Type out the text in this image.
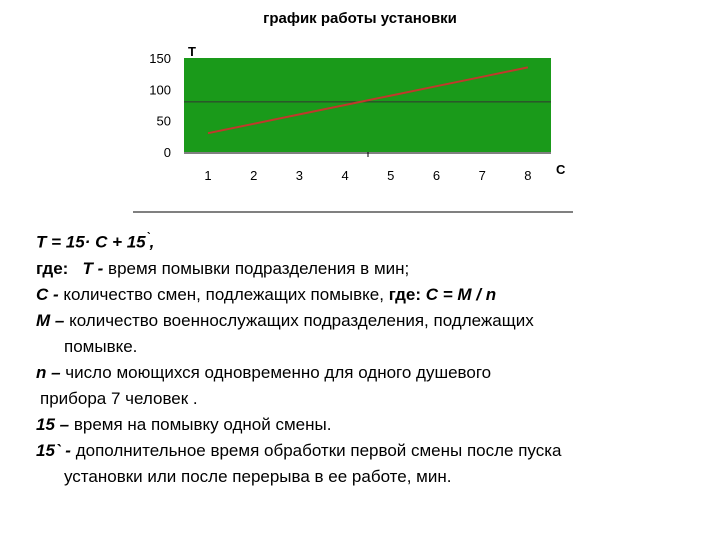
график работы установки
0
50
100
150
1	2	3	4	5	6	7	8
Т
С
Т = 15· С + 15`,
где: Т - время помывки подразделения в мин;
С - количество смен, подлежащих помывке, где: С = М / n
М – количество военнослужащих подразделения, подлежащих
помывке.
n – число моющихся одновременно для одного душевого
прибора 7 человек .
15 – время на помывку одной смены.
15` - дополнительное время обработки первой смены после пуска
установки или после перерыва в ее работе, мин.
